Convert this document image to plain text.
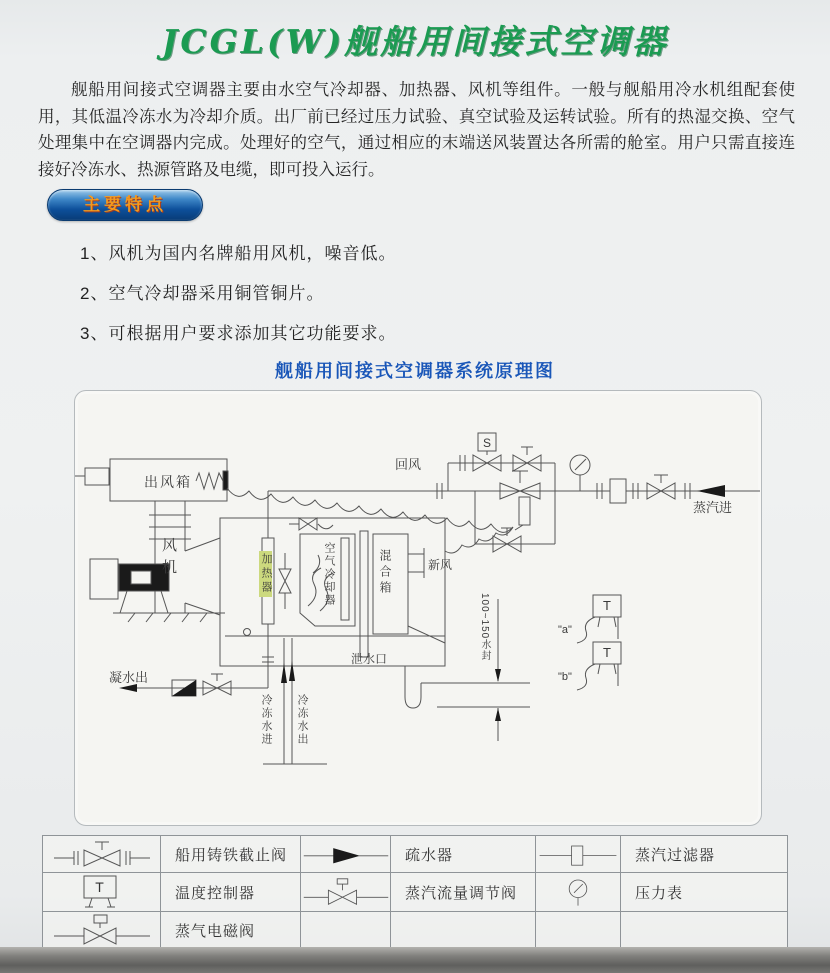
JCGL(W)舰船用间接式空调器
舰船用间接式空调器主要由水空气冷却器、加热器、风机等组件。一般与舰船用冷水机组配套使用，其低温冷冻水为冷却介质。出厂前已经过压力试验、真空试验及运转试验。所有的热湿交换、空气处理集中在空调器内完成。处理好的空气，通过相应的末端送风装置达各所需的舱室。用户只需直接连接好冷冻水、热源管路及电缆，即可投入运行。
主要特点
1、风机为国内名牌船用风机，噪音低。
2、空气冷却器采用铜管铜片。
3、可根据用户要求添加其它功能要求。
舰船用间接式空调器系统原理图
出风箱
风机	加热器	空气冷却器	混合箱	新风
回风
蒸汽进
凝水出
冷冻水进 冷冻水出
泄水口	100~150水封
S
T
T
"a"
"b"
	船用铸铁截止阀		疏水器		蒸汽过滤器

T	温度控制器		蒸汽流量调节阀		压力表
	蒸气电磁阀				
